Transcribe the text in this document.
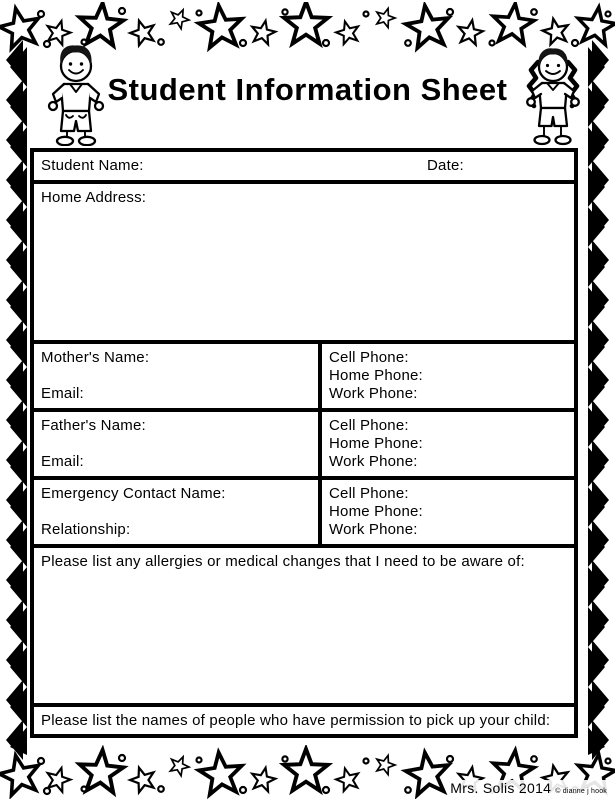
Student Information Sheet
Student Name:	Date:
Home Address:
Mother's Name:
Email:
Cell Phone:
Home Phone:
Work Phone:
Father's Name:
Email:
Cell Phone:
Home Phone:
Work Phone:
Emergency Contact Name:
Relationship:
Cell Phone:
Home Phone:
Work Phone:
Please list any allergies or medical changes that I need to be aware of:
Please list the names of people who have permission to pick up your child:
Mrs. Solis 2014 © dianne j hook
